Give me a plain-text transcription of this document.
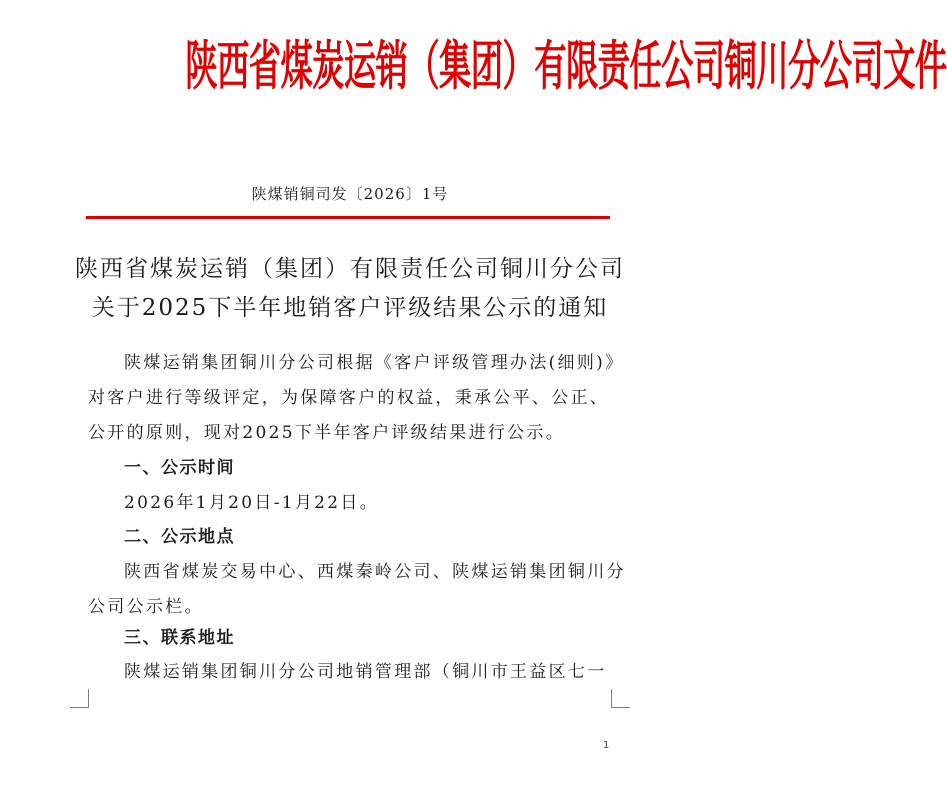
陕西省煤炭运销（集团）有限责任公司铜川分公司文件
陕煤销铜司发〔2026〕1号
陕西省煤炭运销（集团）有限责任公司铜川分公司
关于2025下半年地销客户评级结果公示的通知
陕煤运销集团铜川分公司根据《客户评级管理办法(细则)》
对客户进行等级评定，为保障客户的权益，秉承公平、公正、
公开的原则，现对2025下半年客户评级结果进行公示。
一、公示时间
2026年1月20日-1月22日。
二、公示地点
陕西省煤炭交易中心、西煤秦岭公司、陕煤运销集团铜川分
公司公示栏。
三、联系地址
陕煤运销集团铜川分公司地销管理部（铜川市王益区七一
1
